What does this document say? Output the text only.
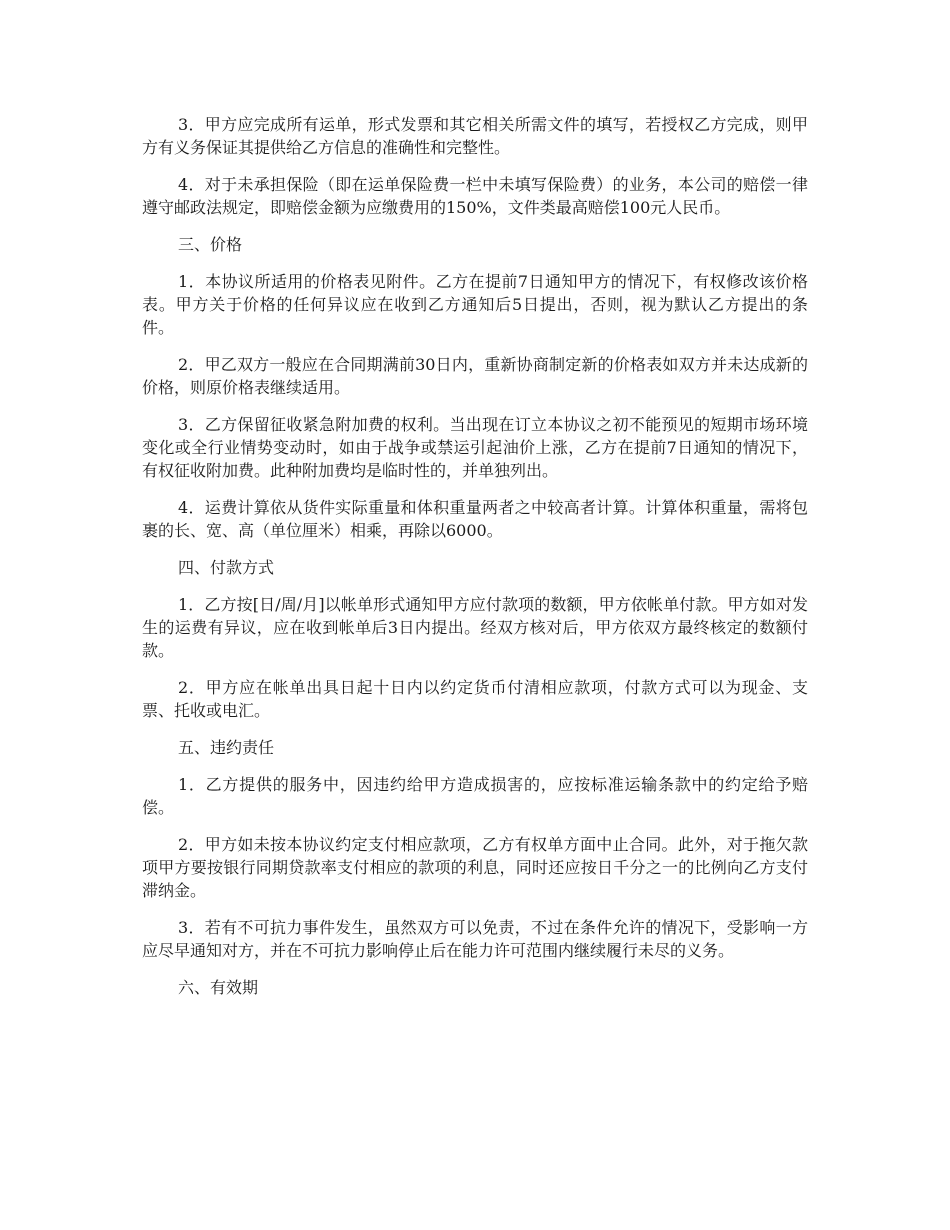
3．甲方应完成所有运单，形式发票和其它相关所需文件的填写，若授权乙方完成，则甲方有义务保证其提供给乙方信息的准确性和完整性。

4．对于未承担保险（即在运单保险费一栏中未填写保险费）的业务，本公司的赔偿一律遵守邮政法规定，即赔偿金额为应缴费用的150%，文件类最高赔偿100元人民币。

三、价格

1．本协议所适用的价格表见附件。乙方在提前7日通知甲方的情况下，有权修改该价格表。甲方关于价格的任何异议应在收到乙方通知后5日提出，否则，视为默认乙方提出的条件。

2．甲乙双方一般应在合同期满前30日内，重新协商制定新的价格表如双方并未达成新的价格，则原价格表继续适用。

3．乙方保留征收紧急附加费的权利。当出现在订立本协议之初不能预见的短期市场环境变化或全行业情势变动时，如由于战争或禁运引起油价上涨，乙方在提前7日通知的情况下，有权征收附加费。此种附加费均是临时性的，并单独列出。

4．运费计算依从货件实际重量和体积重量两者之中较高者计算。计算体积重量，需将包裹的长、宽、高（单位厘米）相乘，再除以6000。

四、付款方式

1．乙方按[日/周/月]以帐单形式通知甲方应付款项的数额，甲方依帐单付款。甲方如对发生的运费有异议，应在收到帐单后3日内提出。经双方核对后，甲方依双方最终核定的数额付款。

2．甲方应在帐单出具日起十日内以约定货币付清相应款项，付款方式可以为现金、支票、托收或电汇。

五、违约责任

1．乙方提供的服务中，因违约给甲方造成损害的，应按标准运输条款中的约定给予赔偿。

2．甲方如未按本协议约定支付相应款项，乙方有权单方面中止合同。此外，对于拖欠款项甲方要按银行同期贷款率支付相应的款项的利息，同时还应按日千分之一的比例向乙方支付滞纳金。

3．若有不可抗力事件发生，虽然双方可以免责，不过在条件允许的情况下，受影响一方应尽早通知对方，并在不可抗力影响停止后在能力许可范围内继续履行未尽的义务。

六、有效期
